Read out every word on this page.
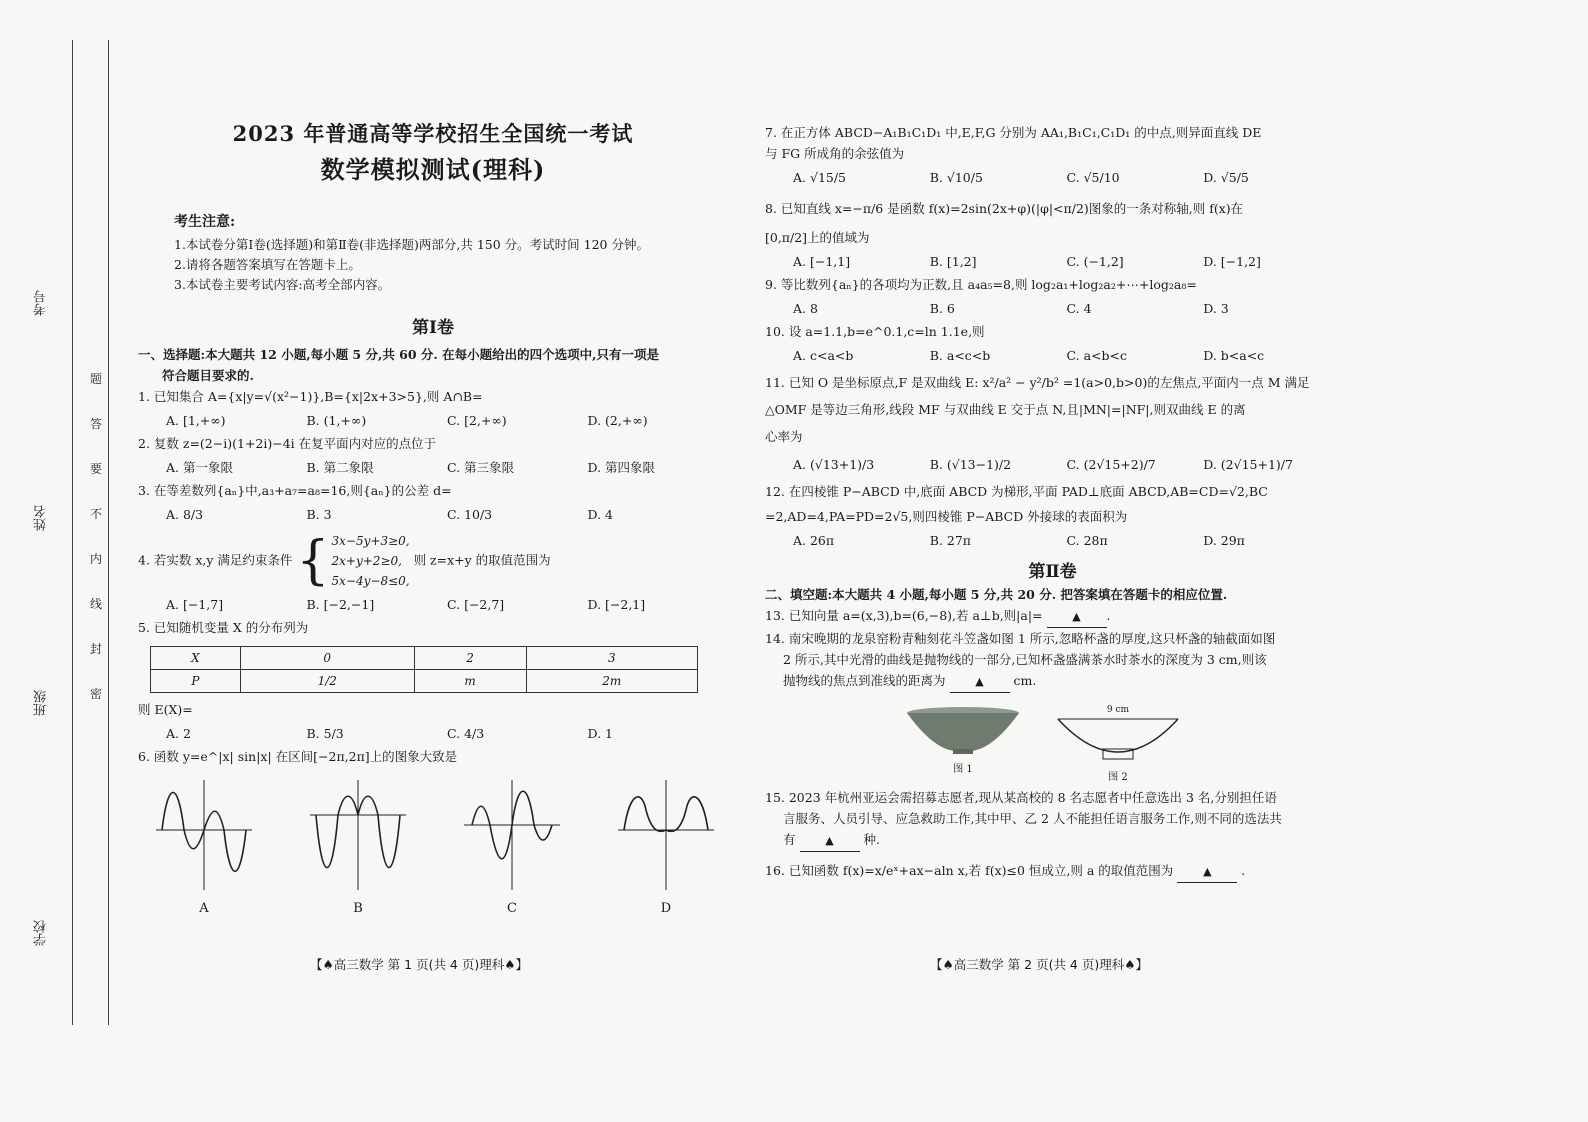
考号
姓名
班级
学校
题
答
要
不
内
线
封
密
2023 年普通高等学校招生全国统一考试
数学模拟测试(理科)
考生注意:
1.本试卷分第Ⅰ卷(选择题)和第Ⅱ卷(非选择题)两部分,共 150 分。考试时间 120 分钟。
2.请将各题答案填写在答题卡上。
3.本试卷主要考试内容:高考全部内容。
第Ⅰ卷
一、选择题:本大题共 12 小题,每小题 5 分,共 60 分. 在每小题给出的四个选项中,只有一项是
符合题目要求的.
1. 已知集合 A={x|y=√(x²−1)},B={x|2x+3>5},则 A∩B=
A. [1,+∞)	B. (1,+∞)	C. [2,+∞)	D. (2,+∞)
2. 复数 z=(2−i)(1+2i)−4i 在复平面内对应的点位于
A. 第一象限	B. 第二象限	C. 第三象限	D. 第四象限
3. 在等差数列{aₙ}中,a₃+a₇=a₈=16,则{aₙ}的公差 d=
A. 8/3	B. 3	C. 10/3	D. 4
4. 若实数 x,y 满足约束条件 { 3x−5y+3≥0,
2x+y+2≥0,
5x−4y−8≤0,
则 z=x+y 的取值范围为
A. [−1,7]	B. [−2,−1]	C. [−2,7]	D. [−2,1]
5. 已知随机变量 X 的分布列为
X	0	2	3
P	1/2	m	2m
则 E(X)=
A. 2	B. 5/3	C. 4/3	D. 1
6. 函数 y=e^|x| sin|x| 在区间[−2π,2π]上的图象大致是
A	B	C	D
【♠高三数学 第 1 页(共 4 页)理科♠】
7. 在正方体 ABCD−A₁B₁C₁D₁ 中,E,F,G 分别为 AA₁,B₁C₁,C₁D₁ 的中点,则异面直线 DE
与 FG 所成角的余弦值为
A. √15/5	B. √10/5	C. √5/10	D. √5/5
8. 已知直线 x=−π/6 是函数 f(x)=2sin(2x+φ)(|φ|<π/2)图象的一条对称轴,则 f(x)在
[0,π/2]上的值域为
A. [−1,1]	B. [1,2]	C. (−1,2]	D. [−1,2]
9. 等比数列{aₙ}的各项均为正数,且 a₄a₅=8,则 log₂a₁+log₂a₂+⋯+log₂a₈=
A. 8	B. 6	C. 4	D. 3
10. 设 a=1.1,b=e^0.1,c=ln 1.1e,则
A. c<a<b	B. a<c<b	C. a<b<c	D. b<a<c
11. 已知 O 是坐标原点,F 是双曲线 E: x²/a² − y²/b² =1(a>0,b>0)的左焦点,平面内一点 M 满足
△OMF 是等边三角形,线段 MF 与双曲线 E 交于点 N,且|MN|=|NF|,则双曲线 E 的离
心率为
A. (√13+1)/3	B. (√13−1)/2	C. (2√15+2)/7	D. (2√15+1)/7
12. 在四棱锥 P−ABCD 中,底面 ABCD 为梯形,平面 PAD⊥底面 ABCD,AB=CD=√2,BC
=2,AD=4,PA=PD=2√5,则四棱锥 P−ABCD 外接球的表面积为
A. 26π	B. 27π	C. 28π	D. 29π
第Ⅱ卷
二、填空题:本大题共 4 小题,每小题 5 分,共 20 分. 把答案填在答题卡的相应位置.
13. 已知向量 a=(x,3),b=(6,−8),若 a⊥b,则|a|=	▲ .
14. 南宋晚期的龙泉窑粉青釉刻花斗笠盏如图 1 所示,忽略杯盏的厚度,这只杯盏的轴截面如图
2 所示,其中光滑的曲线是抛物线的一部分,已知杯盏盛满茶水时茶水的深度为 3 cm,则该
抛物线的焦点到准线的距离为	▲ cm.
图 1
9 cm
图 2
15. 2023 年杭州亚运会需招募志愿者,现从某高校的 8 名志愿者中任意选出 3 名,分别担任语
言服务、人员引导、应急救助工作,其中甲、乙 2 人不能担任语言服务工作,则不同的选法共
有	▲ 种.
16. 已知函数 f(x)=x/eˣ+ax−aln x,若 f(x)≤0 恒成立,则 a 的取值范围为	▲ .
【♠高三数学 第 2 页(共 4 页)理科♠】
